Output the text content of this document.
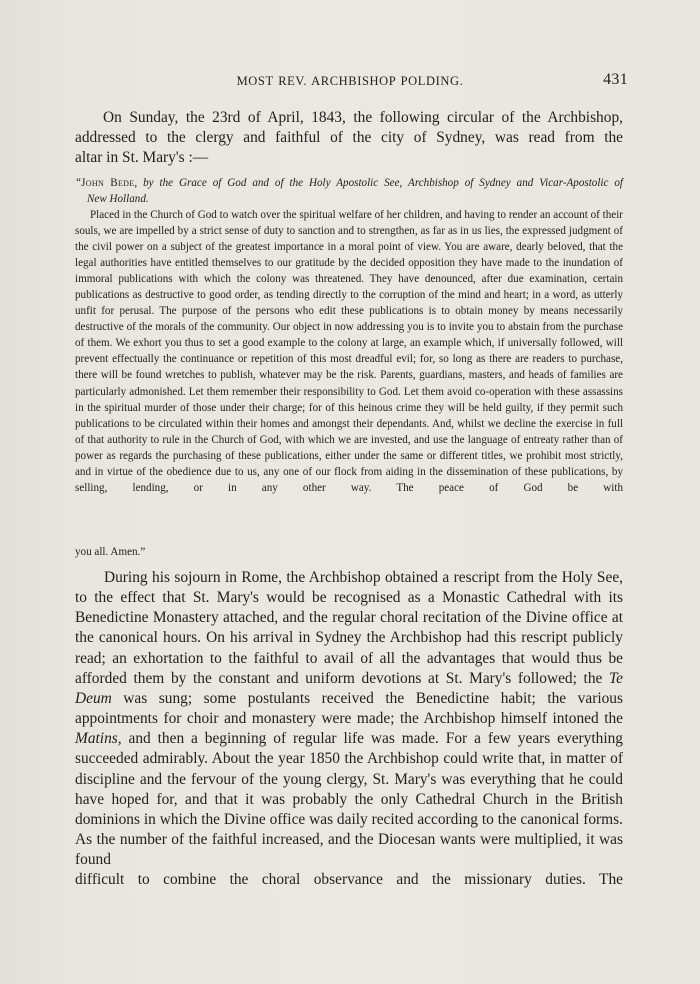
MOST REV. ARCHBISHOP POLDING.	431

On Sunday, the 23rd of April, 1843, the following circular of the Archbishop, addressed to the clergy and faithful of the city of Sydney, was read from the

altar in St. Mary's :—

“John Bede, by the Grace of God and of the Holy Apostolic See, Archbishop of Sydney and Vicar-Apostolic of

New Holland.

Placed in the Church of God to watch over the spiritual welfare of her children, and having to render an account of their souls, we are impelled by a strict sense of duty to sanction and to strengthen, as far as in us lies, the expressed judgment of the civil power on a subject of the greatest importance in a moral point of view. You are aware, dearly beloved, that the legal authorities have entitled themselves to our gratitude by the decided opposition they have made to the inundation of immoral publications with which the colony was threatened. They have denounced, after due examination, certain publications as destructive to good order, as tending directly to the corruption of the mind and heart; in a word, as utterly unfit for perusal. The purpose of the persons who edit these publications is to obtain money by means necessarily destructive of the morals of the community. Our object in now addressing you is to invite you to abstain from the purchase of them. We exhort you thus to set a good example to the colony at large, an example which, if universally followed, will prevent effectually the continuance or repetition of this most dreadful evil; for, so long as there are readers to purchase, there will be found wretches to publish, whatever may be the risk. Parents, guardians, masters, and heads of families are particularly admonished. Let them remember their responsibility to God. Let them avoid co-operation with these assassins in the spiritual murder of those under their charge; for of this heinous crime they will be held guilty, if they permit such publications to be circulated within their homes and amongst their dependants. And, whilst we decline the exercise in full of that authority to rule in the Church of God, with which we are invested, and use the language of entreaty rather than of power as regards the purchasing of these publications, either under the same or different titles, we prohibit most strictly, and in virtue of the obedience due to us, any one of our flock from aiding in the dissemination of these publications, by selling, lending, or in any other way. The peace of God be with

you all. Amen.”

During his sojourn in Rome, the Archbishop obtained a rescript from the Holy See, to the effect that St. Mary's would be recognised as a Monastic Cathedral with its Benedictine Monastery attached, and the regular choral recitation of the Divine office at the canonical hours. On his arrival in Sydney the Archbishop had this rescript publicly read; an exhortation to the faithful to avail of all the advantages that would thus be afforded them by the constant and uniform devotions at St. Mary's followed; the Te Deum was sung; some postulants received the Benedictine habit; the various appointments for choir and monastery were made; the Archbishop himself intoned the Matins, and then a beginning of regular life was made. For a few years everything succeeded admirably. About the year 1850 the Archbishop could write that, in matter of discipline and the fervour of the young clergy, St. Mary's was everything that he could have hoped for, and that it was probably the only Cathedral Church in the British dominions in which the Divine office was daily recited according to the canonical forms. As the number of the faithful increased, and the Diocesan wants were multiplied, it was found

difficult to combine the choral observance and the missionary duties. The
